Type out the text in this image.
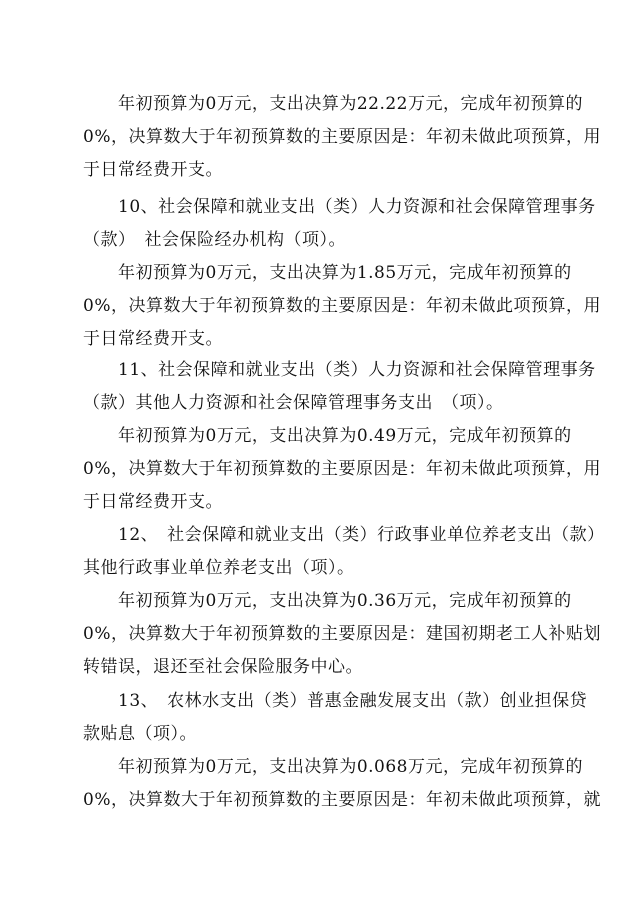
　　年初预算为0万元，支出决算为22.22万元，完成年初预算的
0%，决算数大于年初预算数的主要原因是：年初未做此项预算，用
于日常经费开支。
　　10、社会保障和就业支出（类）人力资源和社会保障管理事务
（款）　社会保险经办机构（项）。
　　年初预算为0万元，支出决算为1.85万元，完成年初预算的
0%，决算数大于年初预算数的主要原因是：年初未做此项预算，用
于日常经费开支。
　　11、社会保障和就业支出（类）人力资源和社会保障管理事务
（款）其他人力资源和社会保障管理事务支出　（项）。
　　年初预算为0万元，支出决算为0.49万元，完成年初预算的
0%，决算数大于年初预算数的主要原因是：年初未做此项预算，用
于日常经费开支。
　　12、　社会保障和就业支出（类）行政事业单位养老支出（款）
其他行政事业单位养老支出（项）。
　　年初预算为0万元，支出决算为0.36万元，完成年初预算的
0%，决算数大于年初预算数的主要原因是：建国初期老工人补贴划
转错误，退还至社会保险服务中心。
　　13、　农林水支出（类）普惠金融发展支出（款）创业担保贷
款贴息（项）。
　　年初预算为0万元，支出决算为0.068万元，完成年初预算的
0%，决算数大于年初预算数的主要原因是：年初未做此项预算，就
